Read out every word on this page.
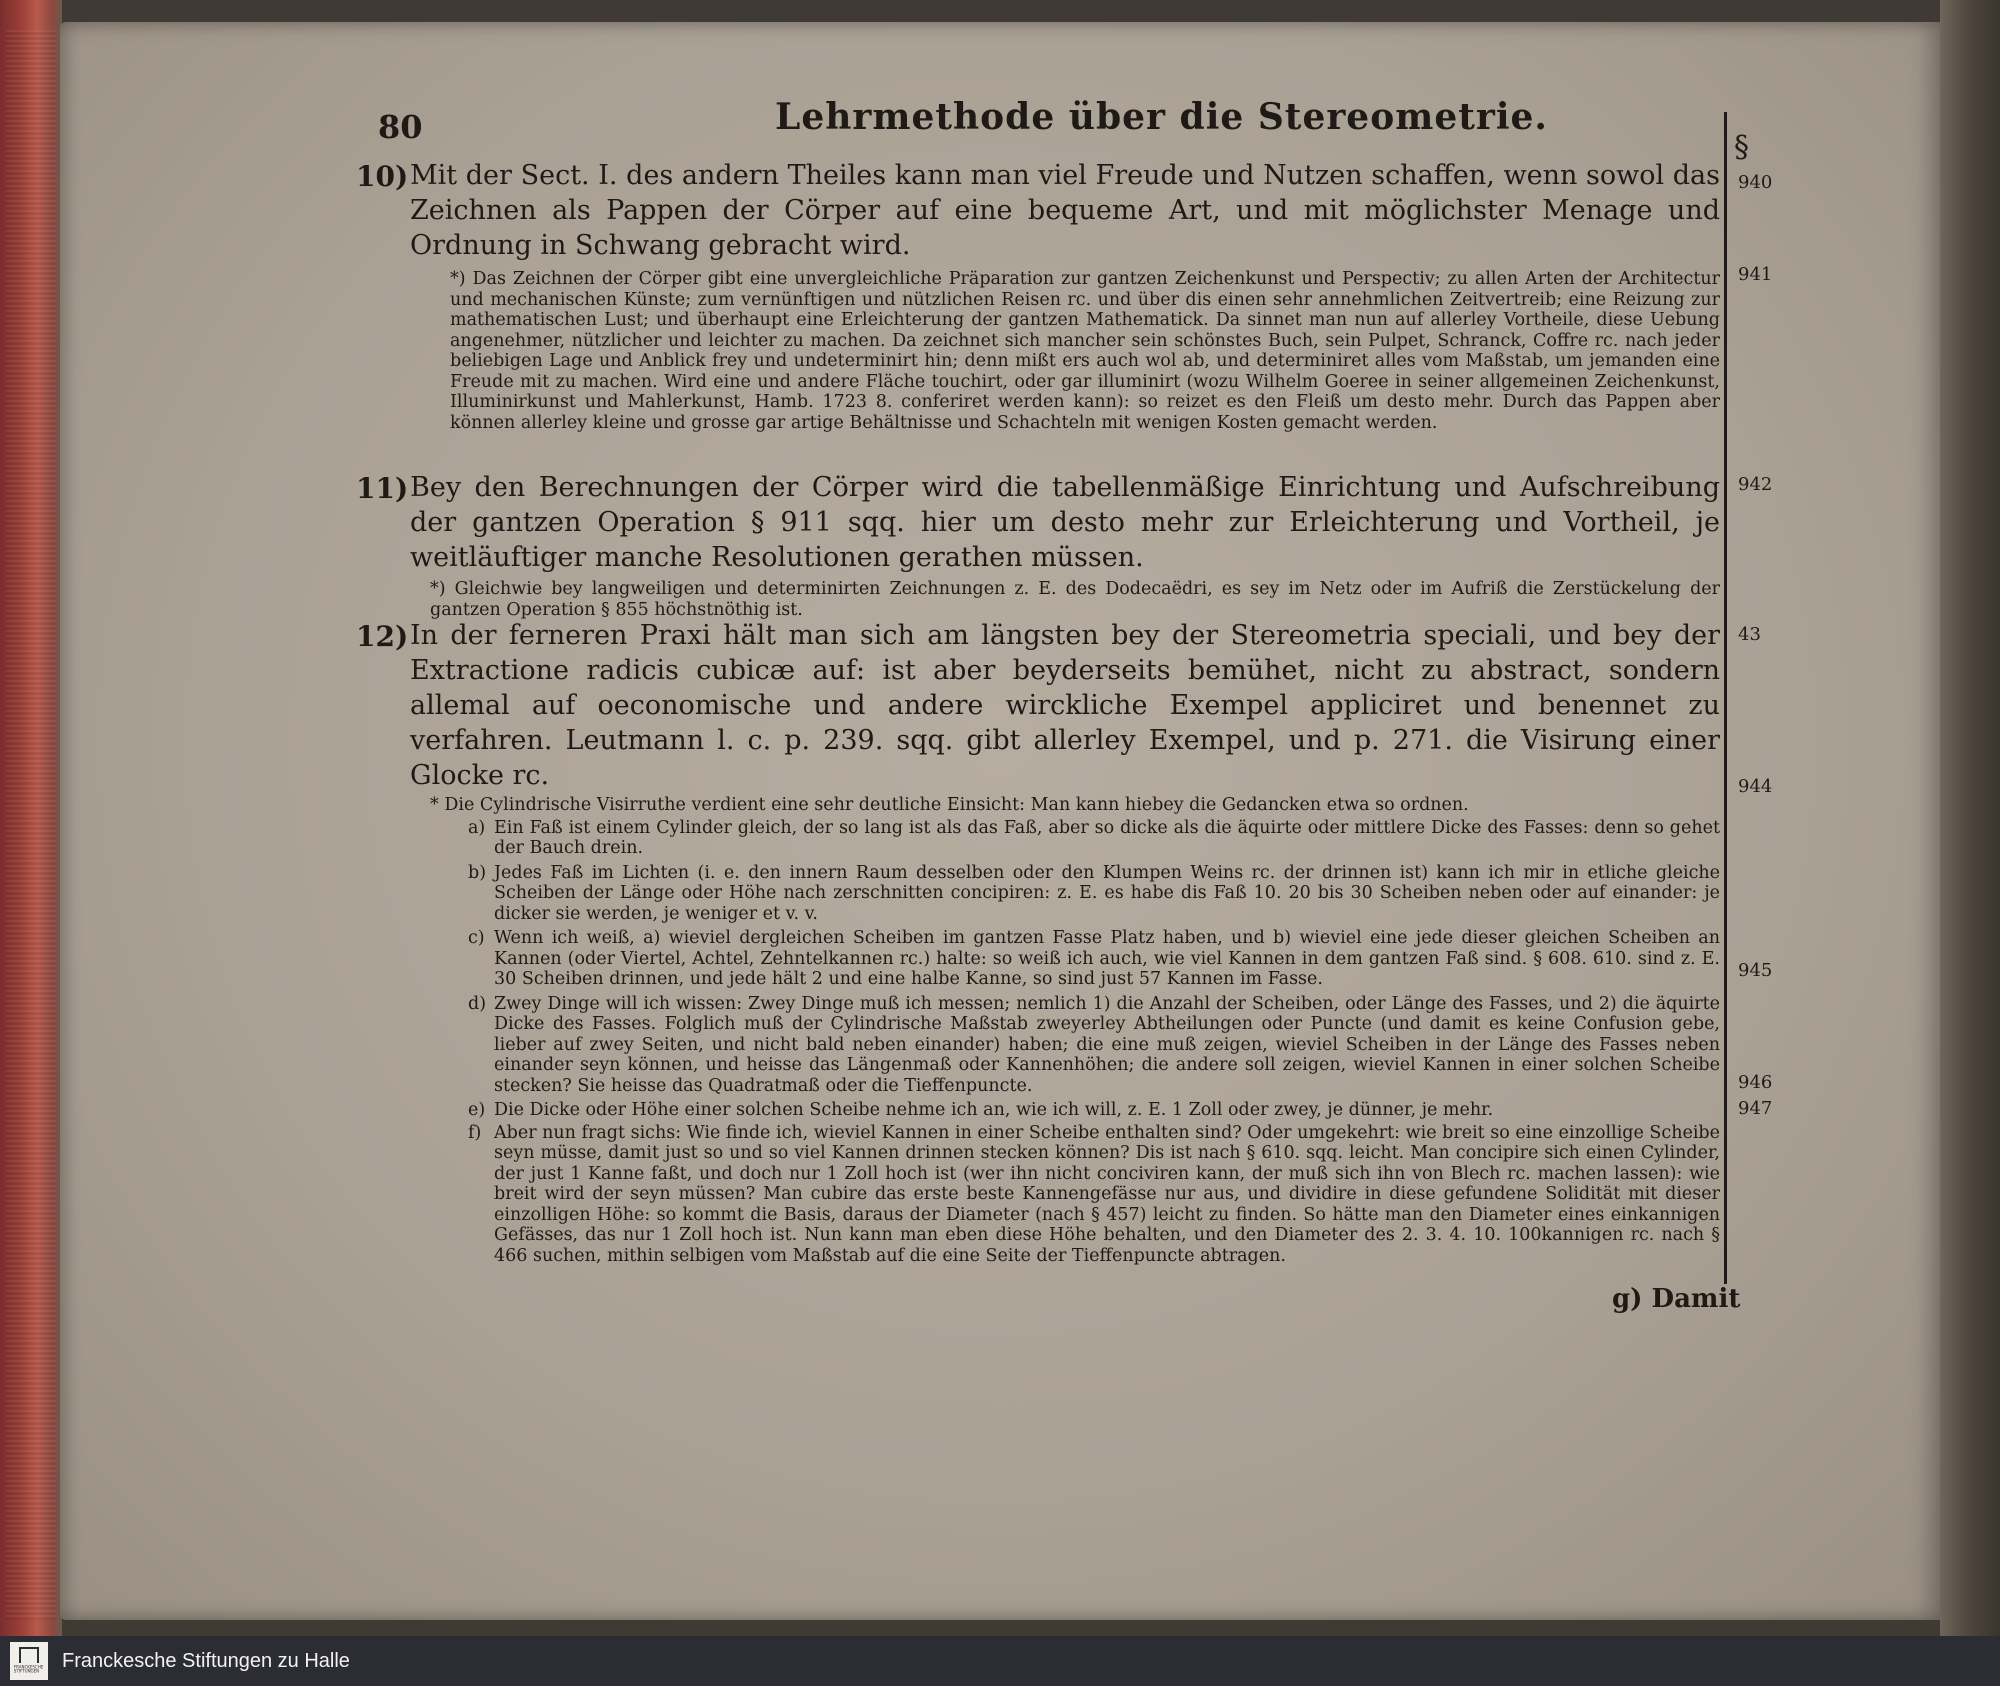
80	Lehrmethode über die Stereometrie.
§
940
941
942
43
944
945
946
947
10) Mit der Sect. I. des andern Theiles kann man viel Freude und Nutzen schaffen, wenn sowol das Zeichnen als Pappen der Cörper auf eine bequeme Art, und mit möglichster Menage und Ordnung in Schwang gebracht wird.
*) Das Zeichnen der Cörper gibt eine unvergleichliche Präparation zur gantzen Zeichenkunst und Perspectiv; zu allen Arten der Architectur und mechanischen Künste; zum vernünftigen und nützlichen Reisen rc. und über dis einen sehr annehmlichen Zeitvertreib; eine Reizung zur mathematischen Lust; und überhaupt eine Erleichterung der gantzen Mathematick. Da sinnet man nun auf allerley Vortheile, diese Uebung angenehmer, nützlicher und leichter zu machen. Da zeichnet sich mancher sein schönstes Buch, sein Pulpet, Schranck, Coffre rc. nach jeder beliebigen Lage und Anblick frey und undeterminirt hin; denn mißt ers auch wol ab, und determiniret alles vom Maßstab, um jemanden eine Freude mit zu machen. Wird eine und andere Fläche touchirt, oder gar illuminirt (wozu Wilhelm Goeree in seiner allgemeinen Zeichenkunst, Illuminirkunst und Mahlerkunst, Hamb. 1723 8. conferiret werden kann): so reizet es den Fleiß um desto mehr. Durch das Pappen aber können allerley kleine und grosse gar artige Behältnisse und Schachteln mit wenigen Kosten gemacht werden.
11) Bey den Berechnungen der Cörper wird die tabellenmäßige Einrichtung und Aufschreibung der gantzen Operation § 911 sqq. hier um desto mehr zur Erleichterung und Vortheil, je weitläuftiger manche Resolutionen gerathen müssen.
*) Gleichwie bey langweiligen und determinirten Zeichnungen z. E. des Dodecaëdri, es sey im Netz oder im Aufriß die Zerstückelung der gantzen Operation § 855 höchstnöthig ist.
12) In der ferneren Praxi hält man sich am längsten bey der Stereometria speciali, und bey der Extractione radicis cubicæ auf: ist aber beyderseits bemühet, nicht zu abstract, sondern allemal auf oeconomische und andere wirckliche Exempel appliciret und benennet zu verfahren. Leutmann l. c. p. 239. sqq. gibt allerley Exempel, und p. 271. die Visirung einer Glocke rc.
* Die Cylindrische Visirruthe verdient eine sehr deutliche Einsicht: Man kann hiebey die Gedancken etwa so ordnen.
a) Ein Faß ist einem Cylinder gleich, der so lang ist als das Faß, aber so dicke als die äquirte oder mittlere Dicke des Fasses: denn so gehet der Bauch drein.
b) Jedes Faß im Lichten (i. e. den innern Raum desselben oder den Klumpen Weins rc. der drinnen ist) kann ich mir in etliche gleiche Scheiben der Länge oder Höhe nach zerschnitten concipiren: z. E. es habe dis Faß 10. 20 bis 30 Scheiben neben oder auf einander: je dicker sie werden, je weniger et v. v.
c) Wenn ich weiß, a) wieviel dergleichen Scheiben im gantzen Fasse Platz haben, und b) wieviel eine jede dieser gleichen Scheiben an Kannen (oder Viertel, Achtel, Zehntelkannen rc.) halte: so weiß ich auch, wie viel Kannen in dem gantzen Faß sind. § 608. 610. sind z. E. 30 Scheiben drinnen, und jede hält 2 und eine halbe Kanne, so sind just 57 Kannen im Fasse.
d) Zwey Dinge will ich wissen: Zwey Dinge muß ich messen; nemlich 1) die Anzahl der Scheiben, oder Länge des Fasses, und 2) die äquirte Dicke des Fasses. Folglich muß der Cylindrische Maßstab zweyerley Abtheilungen oder Puncte (und damit es keine Confusion gebe, lieber auf zwey Seiten, und nicht bald neben einander) haben; die eine muß zeigen, wieviel Scheiben in der Länge des Fasses neben einander seyn können, und heisse das Längenmaß oder Kannenhöhen; die andere soll zeigen, wieviel Kannen in einer solchen Scheibe stecken? Sie heisse das Quadratmaß oder die Tieffenpuncte.
e) Die Dicke oder Höhe einer solchen Scheibe nehme ich an, wie ich will, z. E. 1 Zoll oder zwey, je dünner, je mehr.
f) Aber nun fragt sichs: Wie finde ich, wieviel Kannen in einer Scheibe enthalten sind? Oder umgekehrt: wie breit so eine einzollige Scheibe seyn müsse, damit just so und so viel Kannen drinnen stecken können? Dis ist nach § 610. sqq. leicht. Man concipire sich einen Cylinder, der just 1 Kanne faßt, und doch nur 1 Zoll hoch ist (wer ihn nicht conciviren kann, der muß sich ihn von Blech rc. machen lassen): wie breit wird der seyn müssen? Man cubire das erste beste Kannengefässe nur aus, und dividire in diese gefundene Solidität mit dieser einzolligen Höhe: so kommt die Basis, daraus der Diameter (nach § 457) leicht zu finden. So hätte man den Diameter eines einkannigen Gefässes, das nur 1 Zoll hoch ist. Nun kann man eben diese Höhe behalten, und den Diameter des 2. 3. 4. 10. 100kannigen rc. nach § 466 suchen, mithin selbigen vom Maßstab auf die eine Seite der Tieffenpuncte abtragen.
g) Damit
FRANCKESCHE STIFTUNGEN
Franckesche Stiftungen zu Halle
